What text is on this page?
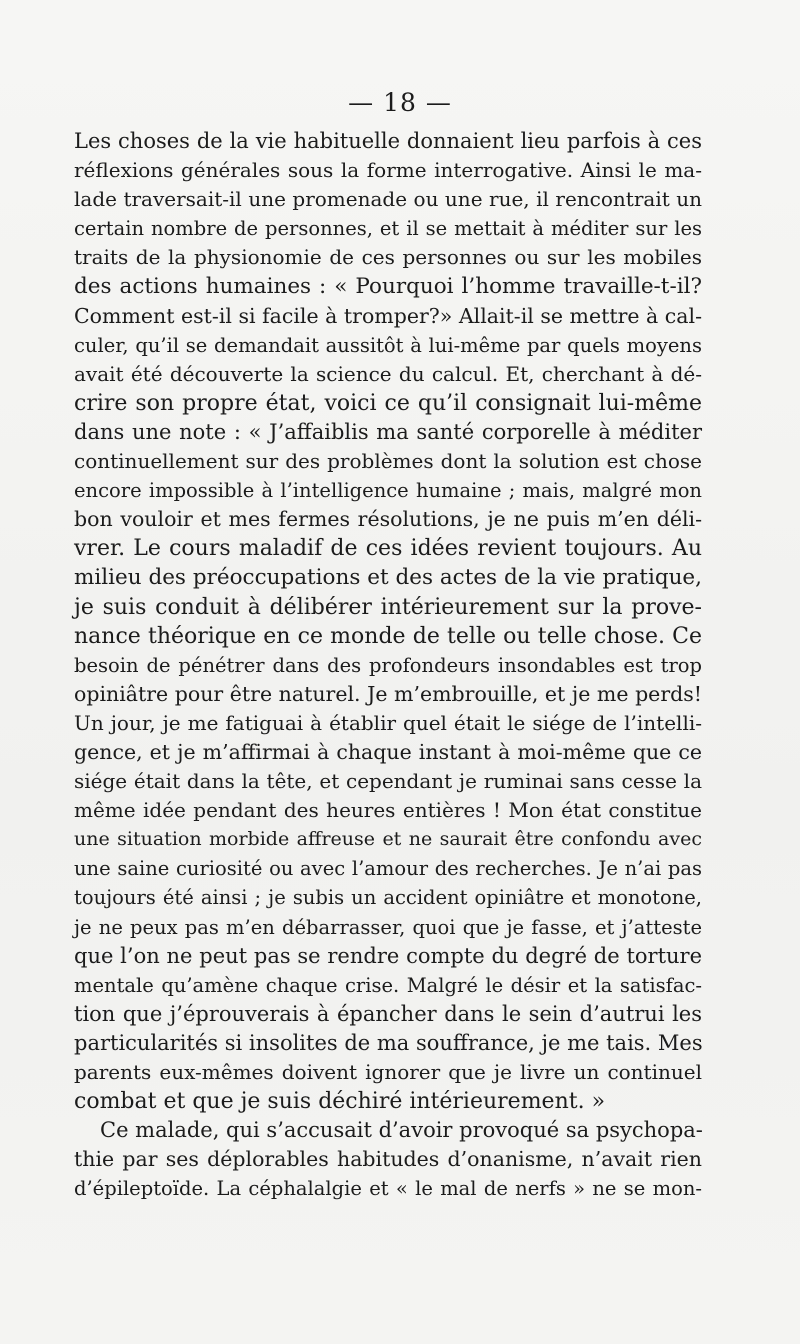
— 18 —
Les choses de la vie habituelle donnaient lieu parfois à ces
réflexions générales sous la forme interrogative. Ainsi le ma-
lade traversait-il une promenade ou une rue, il rencontrait un
certain nombre de personnes, et il se mettait à méditer sur les
traits de la physionomie de ces personnes ou sur les mobiles
des actions humaines : « Pourquoi l’homme travaille-t-il?
Comment est-il si facile à tromper?» Allait-il se mettre à cal-
culer, qu’il se demandait aussitôt à lui-même par quels moyens
avait été découverte la science du calcul. Et, cherchant à dé-
crire son propre état, voici ce qu’il consignait lui-même
dans une note : « J’affaiblis ma santé corporelle à méditer
continuellement sur des problèmes dont la solution est chose
encore impossible à l’intelligence humaine ; mais, malgré mon
bon vouloir et mes fermes résolutions, je ne puis m’en déli-
vrer. Le cours maladif de ces idées revient toujours. Au
milieu des préoccupations et des actes de la vie pratique,
je suis conduit à délibérer intérieurement sur la prove-
nance théorique en ce monde de telle ou telle chose. Ce
besoin de pénétrer dans des profondeurs insondables est trop
opiniâtre pour être naturel. Je m’embrouille, et je me perds!
Un jour, je me fatiguai à établir quel était le siége de l’intelli-
gence, et je m’affirmai à chaque instant à moi-même que ce
siége était dans la tête, et cependant je ruminai sans cesse la
même idée pendant des heures entières ! Mon état constitue
une situation morbide affreuse et ne saurait être confondu avec
une saine curiosité ou avec l’amour des recherches. Je n’ai pas
toujours été ainsi ; je subis un accident opiniâtre et monotone,
je ne peux pas m’en débarrasser, quoi que je fasse, et j’atteste
que l’on ne peut pas se rendre compte du degré de torture
mentale qu’amène chaque crise. Malgré le désir et la satisfac-
tion que j’éprouverais à épancher dans le sein d’autrui les
particularités si insolites de ma souffrance, je me tais. Mes
parents eux-mêmes doivent ignorer que je livre un continuel
combat et que je suis déchiré intérieurement. »
Ce malade, qui s’accusait d’avoir provoqué sa psychopa-
thie par ses déplorables habitudes d’onanisme, n’avait rien
d’épileptoïde. La céphalalgie et « le mal de nerfs » ne se mon-
